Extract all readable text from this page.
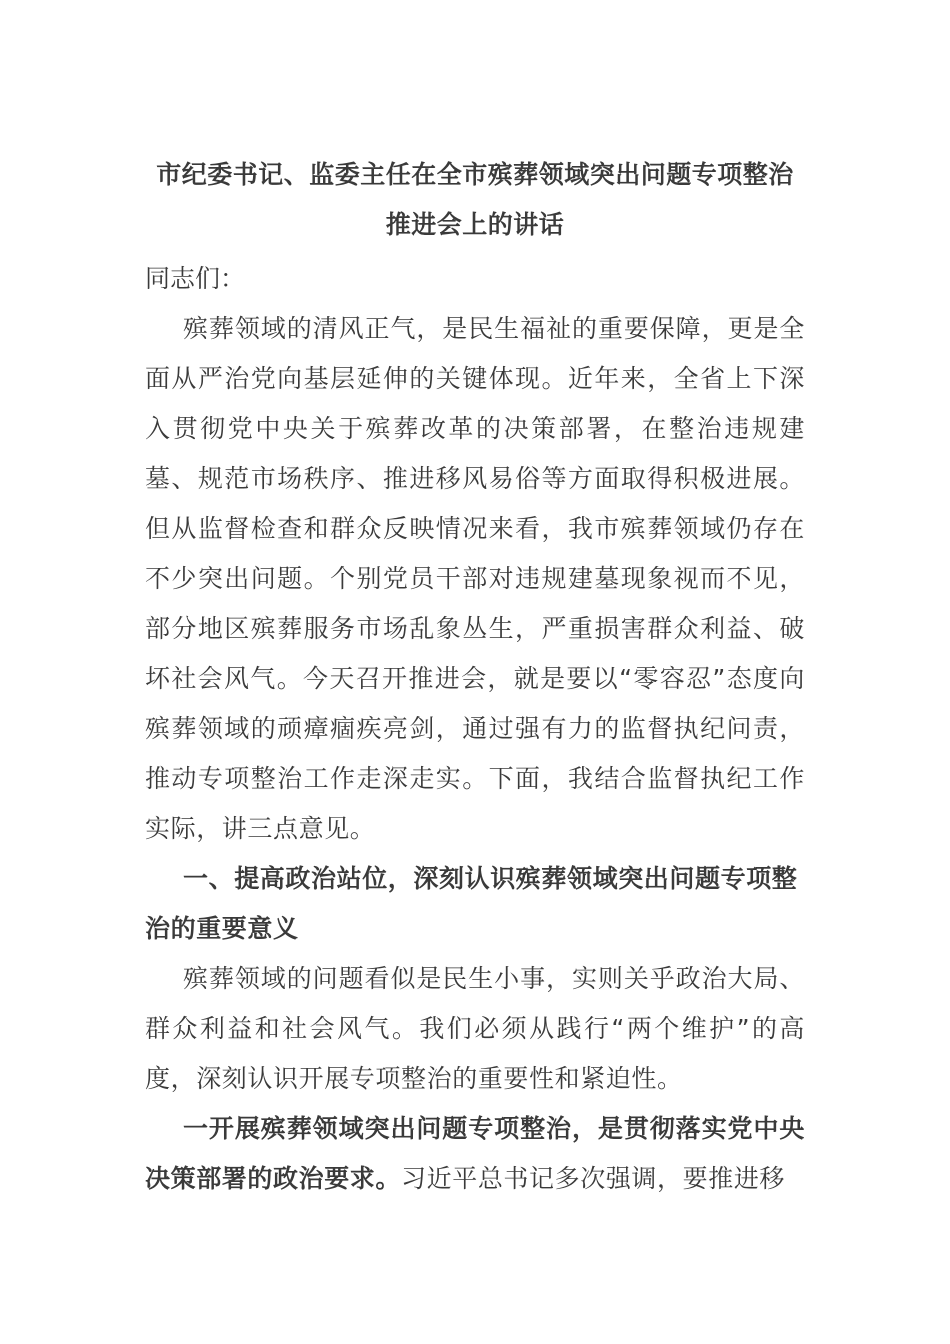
市纪委书记、监委主任在全市殡葬领域突出问题专项整治
推进会上的讲话

同志们：

殡葬领域的清风正气，是民生福祉的重要保障，更是全面从严治党向基层延伸的关键体现。近年来，全省上下深入贯彻党中央关于殡葬改革的决策部署，在整治违规建墓、规范市场秩序、推进移风易俗等方面取得积极进展。但从监督检查和群众反映情况来看，我市殡葬领域仍存在不少突出问题。个别党员干部对违规建墓现象视而不见，部分地区殡葬服务市场乱象丛生，严重损害群众利益、破坏社会风气。今天召开推进会，就是要以“零容忍”态度向殡葬领域的顽瘴痼疾亮剑，通过强有力的监督执纪问责，推动专项整治工作走深走实。下面，我结合监督执纪工作实际，讲三点意见。

一、提高政治站位，深刻认识殡葬领域突出问题专项整治的重要意义

殡葬领域的问题看似是民生小事，实则关乎政治大局、群众利益和社会风气。我们必须从践行“两个维护”的高度，深刻认识开展专项整治的重要性和紧迫性。

一开展殡葬领域突出问题专项整治，是贯彻落实党中央决策部署的政治要求。习近平总书记多次强调，要推进移
